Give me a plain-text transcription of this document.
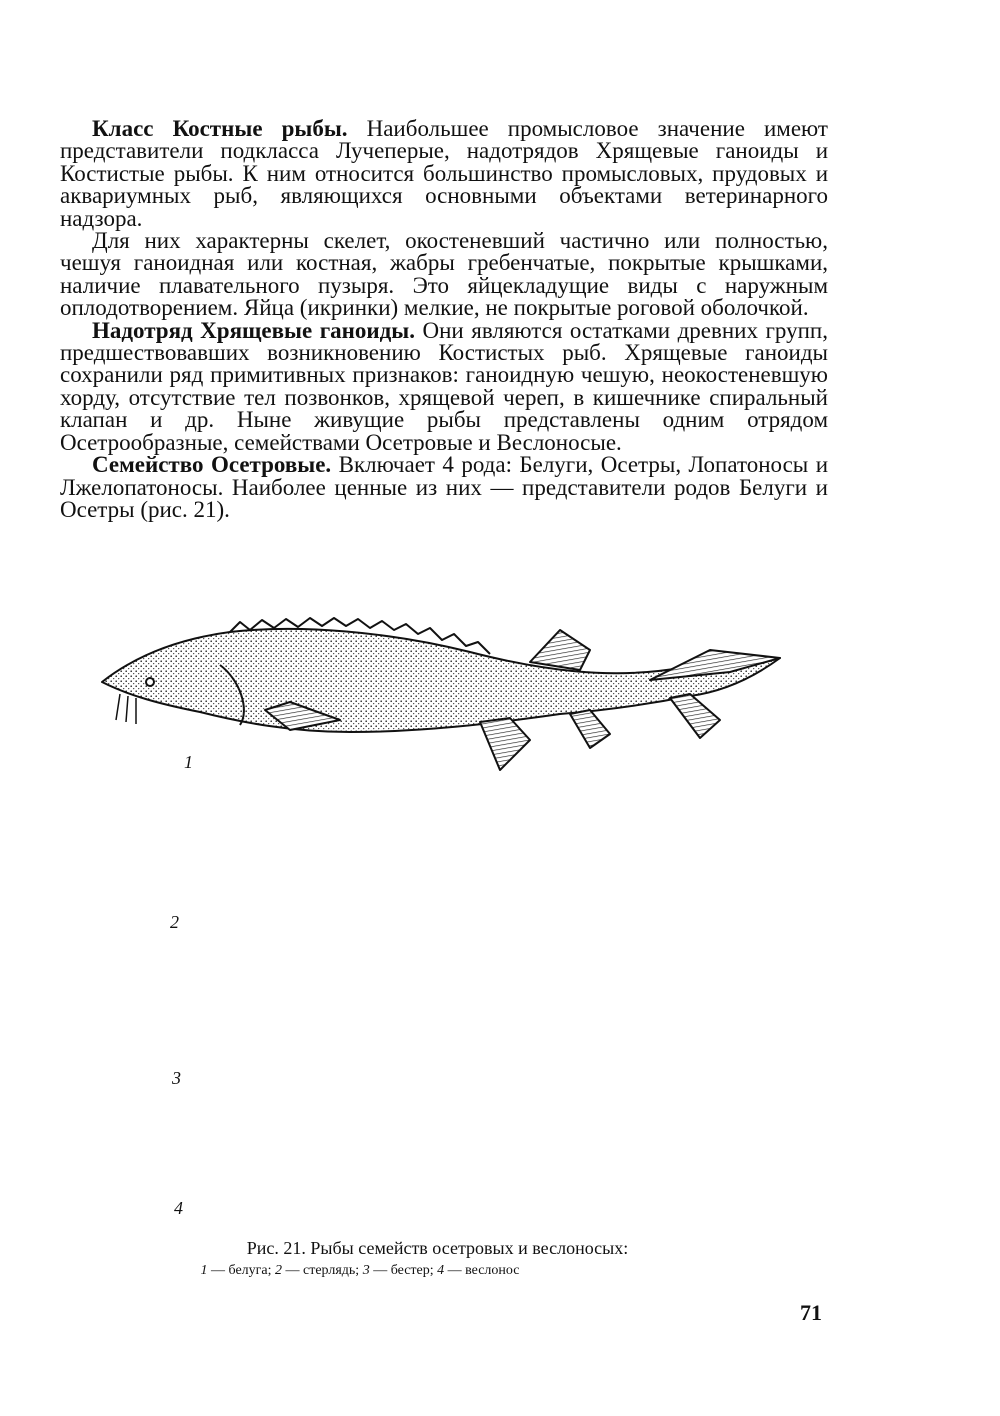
Класс Костные рыбы. Наибольшее промысловое значение имеют представители подкласса Лучеперые, надотрядов Хрящевые ганоиды и Костистые рыбы. К ним относится большинство промысловых, прудовых и аквариумных рыб, являющихся основными объектами ветеринарного надзора.

Для них характерны скелет, окостеневший частично или полностью, чешуя ганоидная или костная, жабры гребенчатые, покрытые крышками, наличие плавательного пузыря. Это яйцекладущие виды с наружным оплодотворением. Яйца (икринки) мелкие, не покрытые роговой оболочкой.

Надотряд Хрящевые ганоиды. Они являются остатками древних групп, предшествовавших возникновению Костистых рыб. Хрящевые ганоиды сохранили ряд примитивных признаков: ганоидную чешую, неокостеневшую хорду, отсутствие тел позвонков, хрящевой череп, в кишечнике спиральный клапан и др. Ныне живущие рыбы представлены одним отрядом Осетрообразные, семействами Осетровые и Веслоносые.

Семейство Осетровые. Включает 4 рода: Белуги, Осетры, Лопатоносы и Лжелопатоносы. Наиболее ценные из них — представители родов Белуги и Осетры (рис. 21).

1
2
3
4
Рис. 21. Рыбы семейств осетровых и веслоносых:
1 — белуга; 2 — стерлядь; 3 — бестер; 4 — веслонос
71
